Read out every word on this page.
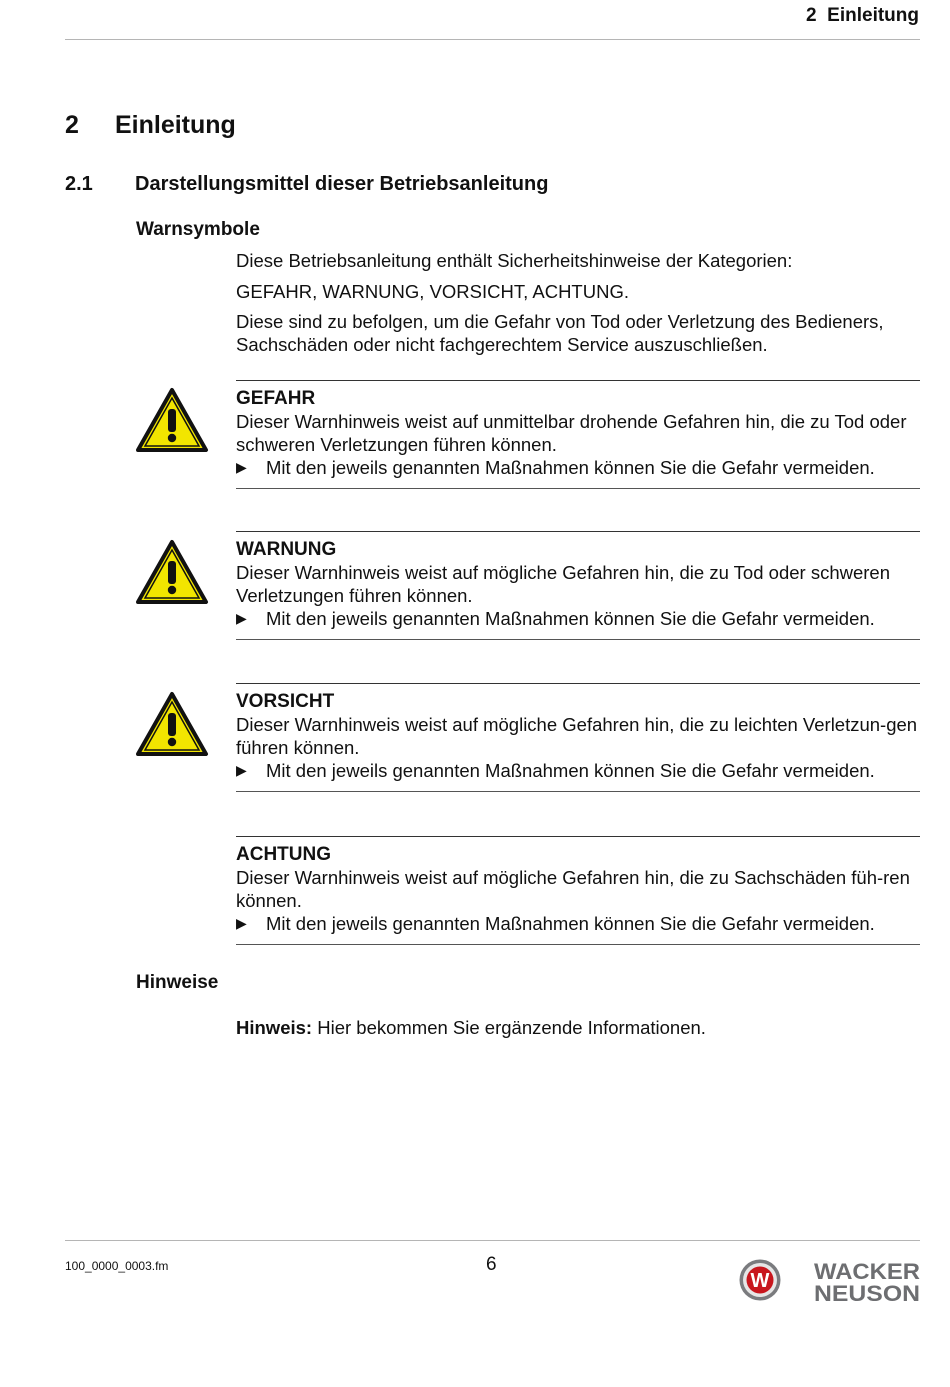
2  Einleitung
2 Einleitung
2.1 Darstellungsmittel dieser Betriebsanleitung
Warnsymbole
Diese Betriebsanleitung enthält Sicherheitshinweise der Kategorien:
GEFAHR, WARNUNG, VORSICHT, ACHTUNG.
Diese sind zu befolgen, um die Gefahr von Tod oder Verletzung des Bedieners, Sachschäden oder nicht fachgerechtem Service auszuschließen.
GEFAHR
Dieser Warnhinweis weist auf unmittelbar drohende Gefahren hin, die zu Tod oder schweren Verletzungen führen können.
▶	Mit den jeweils genannten Maßnahmen können Sie die Gefahr vermeiden.
WARNUNG
Dieser Warnhinweis weist auf mögliche Gefahren hin, die zu Tod oder schweren Verletzungen führen können.
▶	Mit den jeweils genannten Maßnahmen können Sie die Gefahr vermeiden.
VORSICHT
Dieser Warnhinweis weist auf mögliche Gefahren hin, die zu leichten Verletzun-gen führen können.
▶	Mit den jeweils genannten Maßnahmen können Sie die Gefahr vermeiden.
ACHTUNG
Dieser Warnhinweis weist auf mögliche Gefahren hin, die zu Sachschäden füh-ren können.
▶	Mit den jeweils genannten Maßnahmen können Sie die Gefahr vermeiden.
Hinweise
Hinweis: Hier bekommen Sie ergänzende Informationen.
100_0000_0003.fm	6
W WACKER
NEUSON
